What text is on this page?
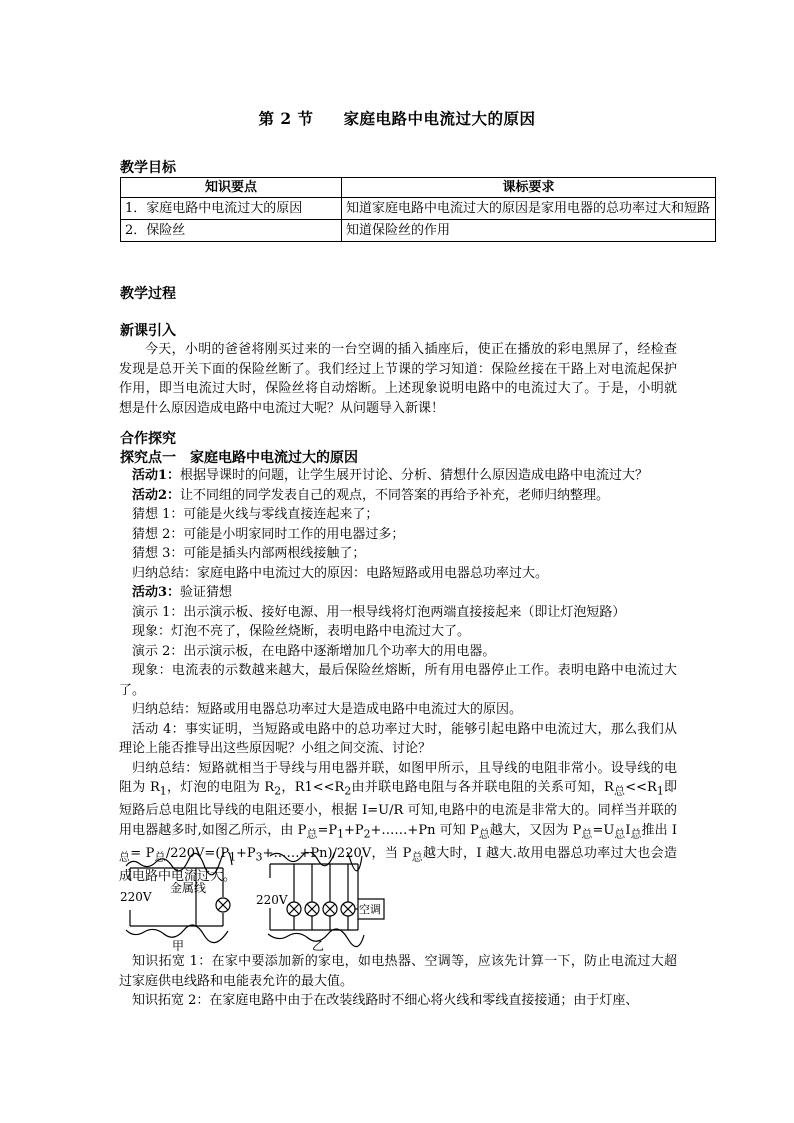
第 2 节 家庭电路中电流过大的原因
教学目标
知识要点	课标要求
1．家庭电路中电流过大的原因	知道家庭电路中电流过大的原因是家用电器的总功率过大和短路
2．保险丝	知道保险丝的作用
教学过程
新课引入

今天，小明的爸爸将刚买过来的一台空调的插入插座后，使正在播放的彩电黑屏了，经检查发现是总开关下面的保险丝断了。我们经过上节课的学习知道：保险丝接在干路上对电流起保护作用，即当电流过大时，保险丝将自动熔断。上述现象说明电路中的电流过大了。于是，小明就想是什么原因造成电路中电流过大呢？从问题导入新课！

合作探究
探究点一　家庭电路中电流过大的原因

活动1：根据导课时的问题，让学生展开讨论、分析、猜想什么原因造成电路中电流过大？

活动2：让不同组的同学发表自己的观点，不同答案的再给予补充，老师归纳整理。

猜想 1：可能是火线与零线直接连起来了；

猜想 2：可能是小明家同时工作的用电器过多；

猜想 3：可能是插头内部两根线接触了；

归纳总结：家庭电路中电流过大的原因：电路短路或用电器总功率过大。

活动3：验证猜想

演示 1：出示演示板、接好电源、用一根导线将灯泡两端直接接起来（即让灯泡短路）

现象：灯泡不亮了，保险丝烧断，表明电路中电流过大了。

演示 2：出示演示板，在电路中逐渐增加几个功率大的用电器。

现象：电流表的示数越来越大，最后保险丝熔断，所有用电器停止工作。表明电路中电流过大了。

归纳总结：短路或用电器总功率过大是造成电路中电流过大的原因。

活动 4：事实证明，当短路或电路中的总功率过大时，能够引起电路中电流过大，那么我们从理论上能否推导出这些原因呢？小组之间交流、讨论？

归纳总结：短路就相当于导线与用电器并联，如图甲所示，且导线的电阻非常小。设导线的电阻为 $R_1$，灯泡的电阻为 $R_2$，$R1<<R_2$由并联电路电阻与各并联电阻的关系可知，$R_总<<R_1$即短路后总电阻比导线的电阻还要小，根据 I=U/R 可知,电路中的电流是非常大的。同样当并联的用电器越多时,如图乙所示，由 $P_总=P_1+P_2+\dots\dots+Pn$ 可知 $P_总$越大，又因为 $P_总=U_总I_总$推出 $I_总=$ $P_总/220V=(P_1+P_3+\dots\dots+Pn)/220V$，当 $P_总$越大时，I 越大.故用电器总功率过大也会造成电路中电流过大。

220V
金属线
220V
空调
甲	乙

知识拓宽 1：在家中要添加新的家电，如电热器、空调等，应该先计算一下，防止电流过大超过家庭供电线路和电能表允许的最大值。

知识拓宽 2：在家庭电路中由于在改装线路时不细心将火线和零线直接接通；由于灯座、
